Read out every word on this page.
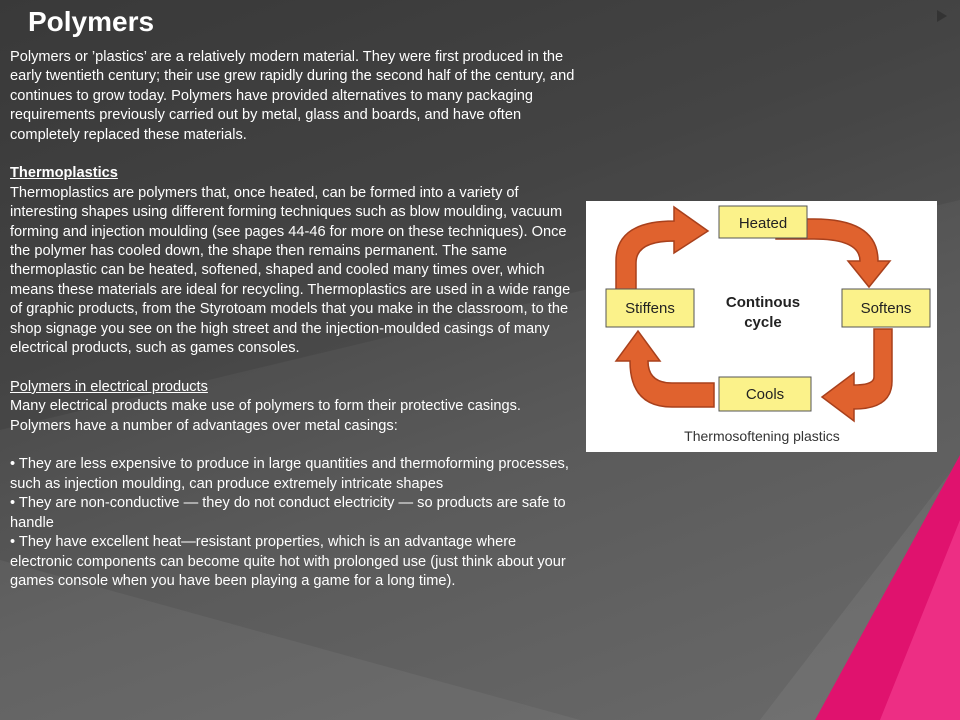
Polymers

Polymers or ’plastics’ are a relatively modern material. They were first produced in the early twentieth century; their use grew rapidly during the second half of the century, and continues to grow today. Polymers have provided alternatives to many packaging requirements previously carried out by metal, glass and boards, and have often completely replaced these materials.

Thermoplastics

Thermoplastics are polymers that, once heated, can be formed into a variety of interesting shapes using different forming techniques such as blow moulding, vacuum forming and injection moulding (see pages 44-46 for more on these techniques). Once the polymer has cooled down, the shape then remains permanent. The same thermoplastic can be heated, softened, shaped and cooled many times over, which means these materials are ideal for recycling. Thermoplastics are used in a wide range of graphic products, from the Styrotoam models that you make in the classroom, to the shop signage you see on the high street and the injection-moulded casings of many electrical products, such as games consoles.

Polymers in electrical products

Many electrical products make use of polymers to form their protective casings. Polymers have a number of advantages over metal casings:

• They are less expensive to produce in large quantities and thermoforming processes, such as injection moulding, can produce extremely intricate shapes

• They are non-conductive — they do not conduct electricity — so products are safe to handle

• They have excellent heat—resistant properties, which is an advantage where electronic components can become quite hot with prolonged use (just think about your games console when you have been playing a game for a long time).

Heated
Softens
Cools
Stiffens	Continous
cycle
Thermosoftening plastics
